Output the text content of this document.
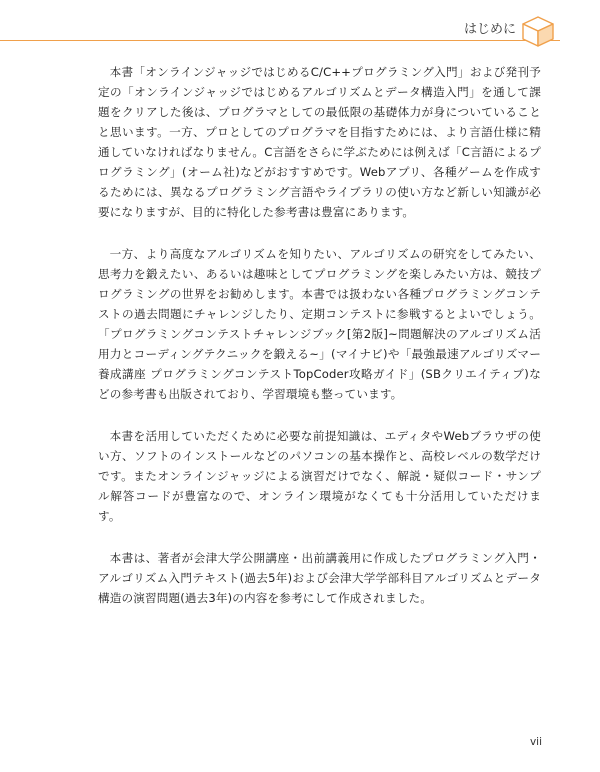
はじめに

本書「オンラインジャッジではじめるC/C++プログラミング入門」および発刊予定の「オンラインジャッジではじめるアルゴリズムとデータ構造入門」を通して課題をクリアした後は、プログラマとしての最低限の基礎体力が身についていることと思います。一方、プロとしてのプログラマを目指すためには、より言語仕様に精通していなければなりません。C言語をさらに学ぶためには例えば「C言語によるプログラミング」(オーム社)などがおすすめです。Webアプリ、各種ゲームを作成するためには、異なるプログラミング言語やライブラリの使い方など新しい知識が必要になりますが、目的に特化した参考書は豊富にあります。

一方、より高度なアルゴリズムを知りたい、アルゴリズムの研究をしてみたい、思考力を鍛えたい、あるいは趣味としてプログラミングを楽しみたい方は、競技プログラミングの世界をお勧めします。本書では扱わない各種プログラミングコンテストの過去問題にチャレンジしたり、定期コンテストに参戦するとよいでしょう。「プログラミングコンテストチャレンジブック[第2版]~問題解決のアルゴリズム活用力とコーディングテクニックを鍛える~」(マイナビ)や「最強最速アルゴリズマー養成講座 プログラミングコンテストTopCoder攻略ガイド」(SBクリエイティブ)などの参考書も出版されており、学習環境も整っています。

本書を活用していただくために必要な前提知識は、エディタやWebブラウザの使い方、ソフトのインストールなどのパソコンの基本操作と、高校レベルの数学だけです。またオンラインジャッジによる演習だけでなく、解説・疑似コード・サンプル解答コードが豊富なので、オンライン環境がなくても十分活用していただけます。

本書は、著者が会津大学公開講座・出前講義用に作成したプログラミング入門・アルゴリズム入門テキスト(過去5年)および会津大学学部科目アルゴリズムとデータ構造の演習問題(過去3年)の内容を参考にして作成されました。

vii
